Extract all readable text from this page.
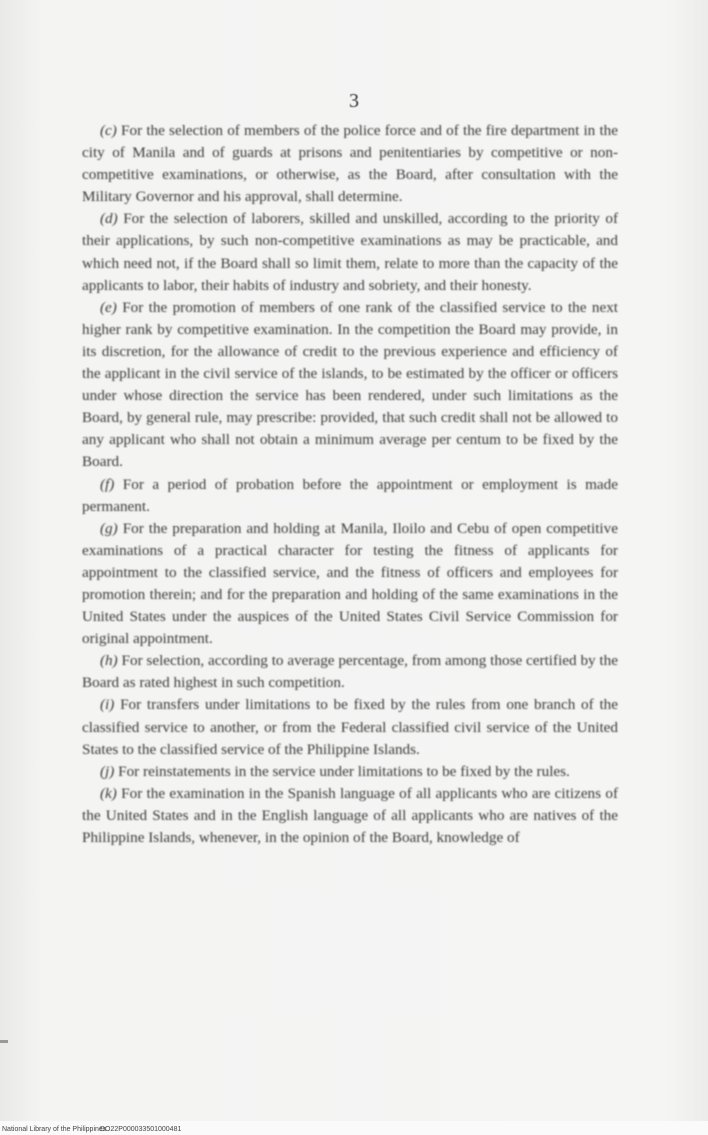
3

(c) For the selection of members of the police force and of the fire department in the city of Manila and of guards at prisons and penitentiaries by competitive or non-competitive examinations, or otherwise, as the Board, after consultation with the Military Governor and his approval, shall determine.

(d) For the selection of laborers, skilled and unskilled, according to the priority of their applications, by such non-competitive examinations as may be practicable, and which need not, if the Board shall so limit them, relate to more than the capacity of the applicants to labor, their habits of industry and sobriety, and their honesty.

(e) For the promotion of members of one rank of the classified service to the next higher rank by competitive examination. In the competition the Board may provide, in its discretion, for the allowance of credit to the previous experience and efficiency of the applicant in the civil service of the islands, to be estimated by the officer or officers under whose direction the service has been rendered, under such limitations as the Board, by general rule, may prescribe: provided, that such credit shall not be allowed to any applicant who shall not obtain a minimum average per centum to be fixed by the Board.

(f) For a period of probation before the appointment or employment is made permanent.

(g) For the preparation and holding at Manila, Iloilo and Cebu of open competitive examinations of a practical character for testing the fitness of applicants for appointment to the classified service, and the fitness of officers and employees for promotion therein; and for the preparation and holding of the same examinations in the United States under the auspices of the United States Civil Service Commission for original appointment.

(h) For selection, according to average percentage, from among those certified by the Board as rated highest in such competition.

(i) For transfers under limitations to be fixed by the rules from one branch of the classified service to another, or from the Federal classified civil service of the United States to the classified service of the Philippine Islands.

(j) For reinstatements in the service under limitations to be fixed by the rules.

(k) For the examination in the Spanish language of all applicants who are citizens of the United States and in the English language of all applicants who are natives of the Philippine Islands, whenever, in the opinion of the Board, knowledge of

National Library of the Philippines
DO22P000033501000481
